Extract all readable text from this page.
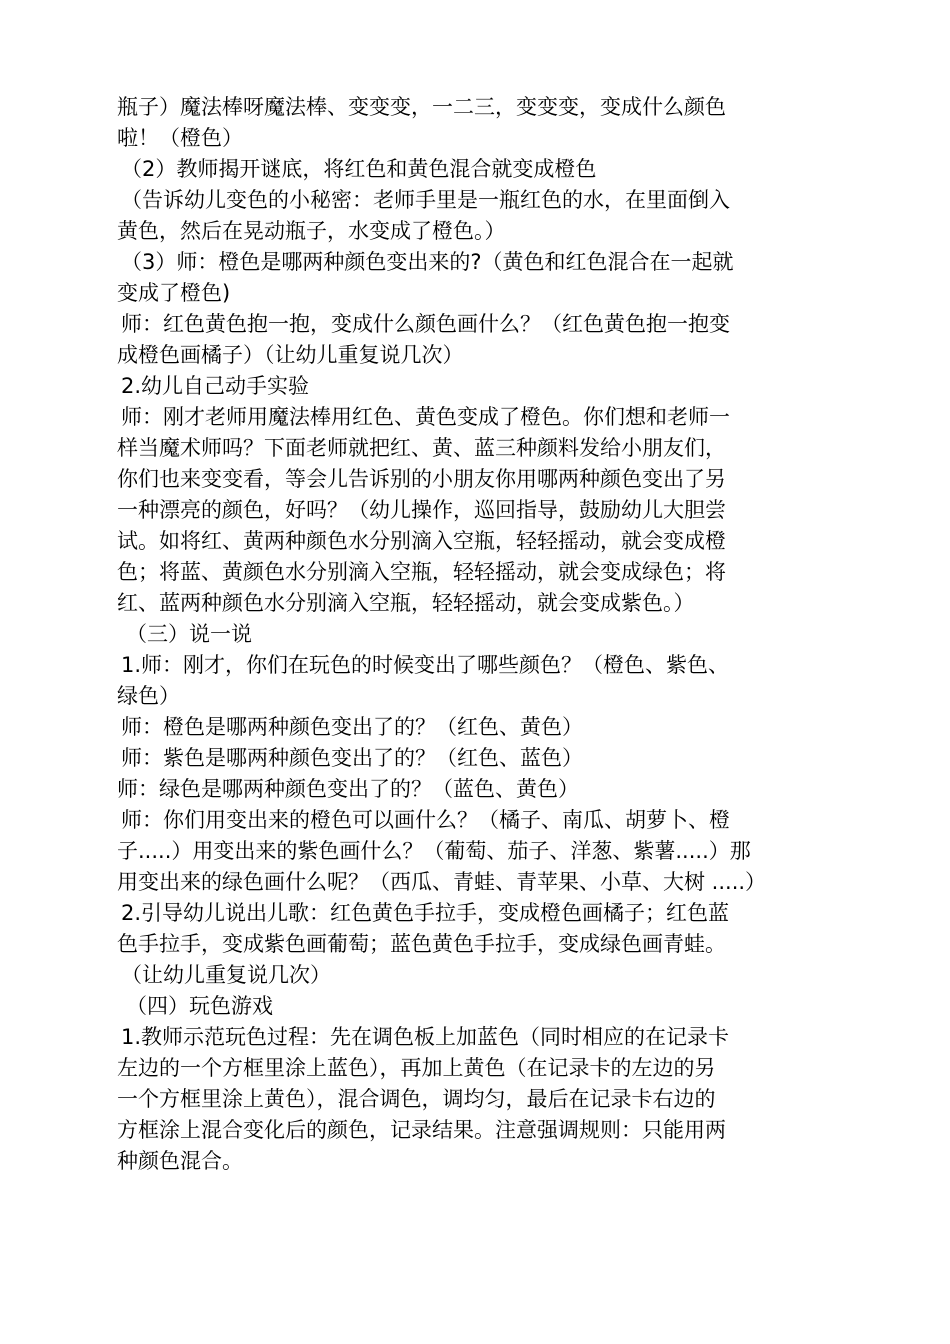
瓶子）魔法棒呀魔法棒、变变变，一二三，变变变，变成什么颜色
啦！（橙色）
（2）教师揭开谜底，将红色和黄色混合就变成橙色
（告诉幼儿变色的小秘密：老师手里是一瓶红色的水，在里面倒入
黄色，然后在晃动瓶子，水变成了橙色。）
（3）师：橙色是哪两种颜色变出来的?（黄色和红色混合在一起就
变成了橙色)
师：红色黄色抱一抱，变成什么颜色画什么？（红色黄色抱一抱变
成橙色画橘子）（让幼儿重复说几次）
2.幼儿自己动手实验
师：刚才老师用魔法棒用红色、黄色变成了橙色。你们想和老师一
样当魔术师吗？下面老师就把红、黄、蓝三种颜料发给小朋友们，
你们也来变变看，等会儿告诉别的小朋友你用哪两种颜色变出了另
一种漂亮的颜色，好吗？（幼儿操作，巡回指导，鼓励幼儿大胆尝
试。如将红、黄两种颜色水分别滴入空瓶，轻轻摇动，就会变成橙
色；将蓝、黄颜色水分别滴入空瓶，轻轻摇动，就会变成绿色；将
红、蓝两种颜色水分别滴入空瓶，轻轻摇动，就会变成紫色。）
（三）说一说
1.师：刚才，你们在玩色的时候变出了哪些颜色？（橙色、紫色、
绿色）
师：橙色是哪两种颜色变出了的？（红色、黄色）
师：紫色是哪两种颜色变出了的？（红色、蓝色）
师：绿色是哪两种颜色变出了的？（蓝色、黄色）
师：你们用变出来的橙色可以画什么？（橘子、南瓜、胡萝卜、橙
子.....）用变出来的紫色画什么？（葡萄、茄子、洋葱、紫薯.....）那
用变出来的绿色画什么呢？（西瓜、青蛙、青苹果、小草、大树 .....）
2.引导幼儿说出儿歌：红色黄色手拉手，变成橙色画橘子；红色蓝
色手拉手，变成紫色画葡萄；蓝色黄色手拉手，变成绿色画青蛙。
（让幼儿重复说几次）
（四）玩色游戏
1.教师示范玩色过程：先在调色板上加蓝色（同时相应的在记录卡
左边的一个方框里涂上蓝色），再加上黄色（在记录卡的左边的另
一个方框里涂上黄色），混合调色，调均匀，最后在记录卡右边的
方框涂上混合变化后的颜色，记录结果。注意强调规则：只能用两
种颜色混合。
